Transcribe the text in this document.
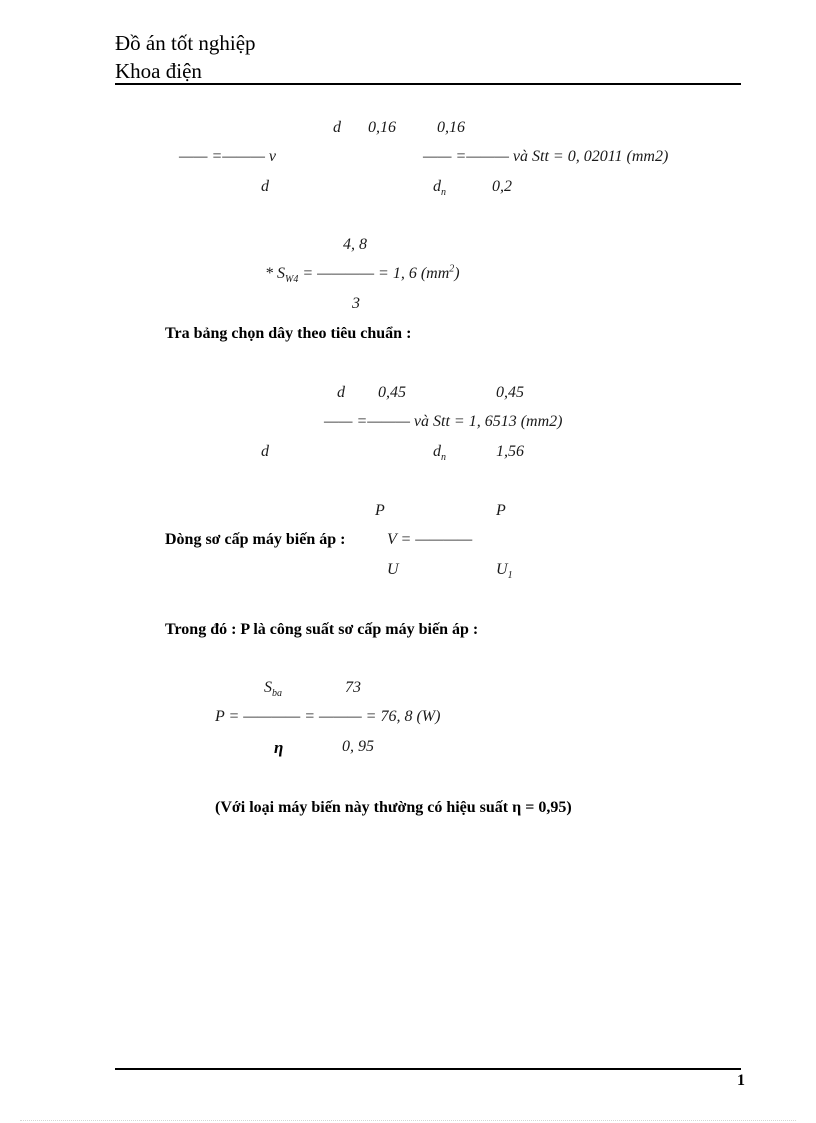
Đồ án tốt nghiệp
Khoa điện
d 0,16	0,16
—— =——— v	—— =——— và Stt = 0, 02011 (mm2)
d	$d_n$	0,2
4, 8
* $S_{W4}$ = ———— = 1, 6 $(mm^2)$
3
Tra bảng chọn dây theo tiêu chuẩn :
d 0,45	0,45
—— =——— và Stt = 1, 6513 (mm2)
d	$d_n$	1,56
P	P
Dòng sơ cấp máy biến áp :	V = ————
U	$U_1$
Trong đó : P là công suất sơ cấp máy biến áp :
$S_{ba}$	73
P = ———— = ——— = 76, 8 (W)
η	0, 95
(Với loại máy biến này thường có hiệu suất η = 0,95)
1
